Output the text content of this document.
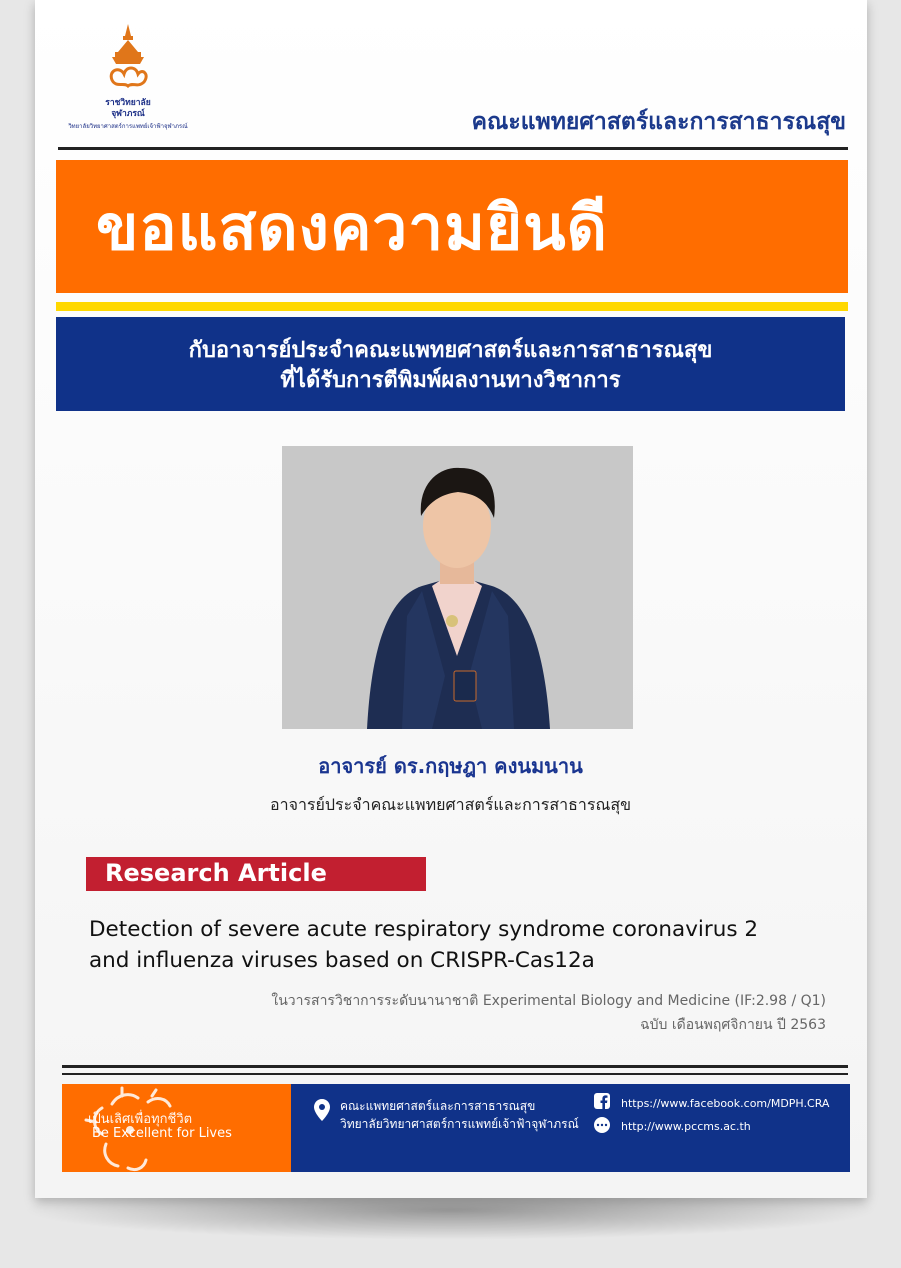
ราชวิทยาลัย
จุฬาภรณ์
วิทยาลัยวิทยาศาสตร์การแพทย์เจ้าฟ้าจุฬาภรณ์	คณะแพทยศาสตร์และการสาธารณสุข
ขอแสดงความยินดี
กับอาจารย์ประจำคณะแพทยศาสตร์และการสาธารณสุข
ที่ได้รับการตีพิมพ์ผลงานทางวิชาการ
อาจารย์ ดร.กฤษฎา คงนมนาน
อาจารย์ประจำคณะแพทยศาสตร์และการสาธารณสุข
Research Article
Detection of severe acute respiratory syndrome coronavirus 2
and influenza viruses based on CRISPR-Cas12a
ในวารสารวิชาการระดับนานาชาติ Experimental Biology and Medicine (IF:2.98 / Q1)
ฉบับ เดือนพฤศจิกายน ปี 2563
เป็นเลิศเพื่อทุกชีวิต
Be Excellent for Lives
คณะแพทยศาสตร์และการสาธารณสุข
วิทยาลัยวิทยาศาสตร์การแพทย์เจ้าฟ้าจุฬาภรณ์
https://www.facebook.com/MDPH.CRA
http://www.pccms.ac.th
